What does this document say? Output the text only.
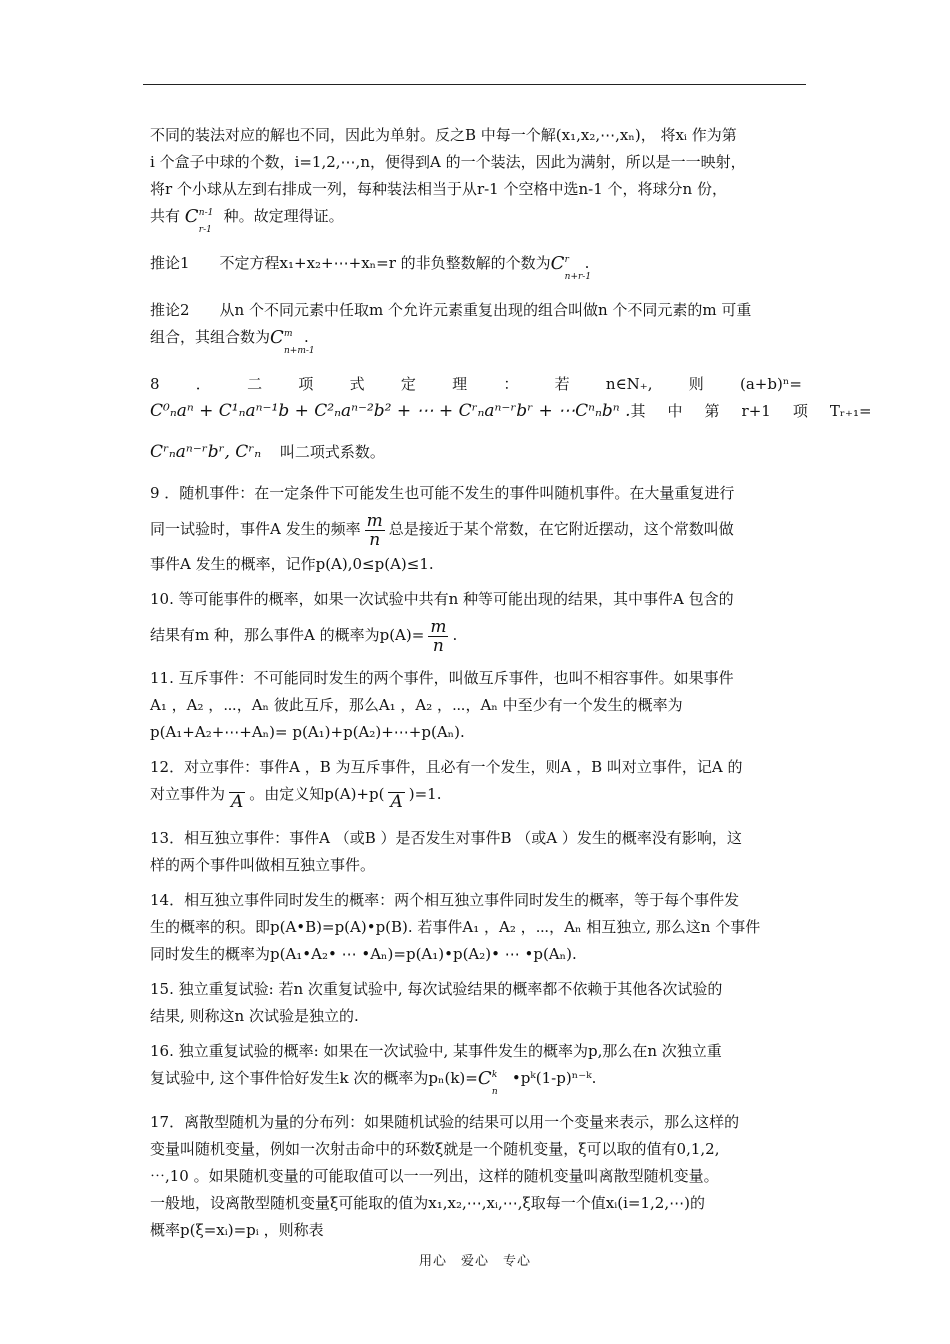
不同的装法对应的解也不同，因此为单射。反之B 中每一个解(x₁,x₂,⋯,xₙ)， 将xᵢ 作为第
i 个盒子中球的个数，i=1,2,⋯,n，便得到A 的一个装法，因此为满射，所以是一一映射，
将r 个小球从左到右排成一列，每种装法相当于从r-1 个空格中选n-1 个，将球分n 份，
共有 C n-1
r-1
种。故定理得证。
推论1　　不定方程x₁+x₂+⋯+xₙ=r 的非负整数解的个数为 C r
n+r-1
.
推论2　　从n 个不同元素中任取m 个允许元素重复出现的组合叫做n 个不同元素的m 可重
组合，其组合数为 C m
n+m-1
.
8 ． 二 项 式 定 理 ： 若 n∈N₊, 则 (a+b)ⁿ=
C⁰ₙaⁿ + C¹ₙaⁿ⁻¹b + C²ₙaⁿ⁻²b² + ⋯ + Cʳₙaⁿ⁻ʳbʳ + ⋯Cⁿₙbⁿ . 其 中 第 r+1 项 Tᵣ₊₁=
Cʳₙaⁿ⁻ʳbʳ, Cʳₙ 叫二项式系数。
9 ．随机事件：在一定条件下可能发生也可能不发生的事件叫随机事件。在大量重复进行
同一试验时，事件A 发生的频率 $\frac{m}{n}$ 总是接近于某个常数，在它附近摆动，这个常数叫做
事件A 发生的概率，记作p(A),0≤p(A)≤1.
10. 等可能事件的概率，如果一次试验中共有n 种等可能出现的结果，其中事件A 包含的
结果有m 种，那么事件A 的概率为$p(A)= \frac{m}{n}$ .
11. 互斥事件：不可能同时发生的两个事件，叫做互斥事件，也叫不相容事件。如果事件
A₁ ，A₂ ，⋯，Aₙ 彼此互斥，那么A₁ ，A₂ ，⋯，Aₙ 中至少有一个发生的概率为
p(A₁+A₂+⋯+Aₙ)= p(A₁)+p(A₂)+⋯+p(Aₙ).
12．对立事件：事件A ，B 为互斥事件，且必有一个发生，则A ，B 叫对立事件，记A 的
对立事件为 A 。由定义知p(A)+p( A )=1.
13．相互独立事件：事件A （或B ）是否发生对事件B （或A ）发生的概率没有影响，这
样的两个事件叫做相互独立事件。
14．相互独立事件同时发生的概率：两个相互独立事件同时发生的概率，等于每个事件发
生的概率的积。即p(A•B)=p(A)•p(B). 若事件A₁ ，A₂ ，⋯，Aₙ 相互独立, 那么这n 个事件
同时发生的概率为p(A₁•A₂• ⋯ •Aₙ)=p(A₁)•p(A₂)• ⋯ •p(Aₙ).
15. 独立重复试验: 若n 次重复试验中, 每次试验结果的概率都不依赖于其他各次试验的
结果, 则称这n 次试验是独立的.
16. 独立重复试验的概率: 如果在一次试验中, 某事件发生的概率为p,那么在n 次独立重
复试验中, 这个事件恰好发生k 次的概率为pₙ(k)= C k
n
•pᵏ(1-p)ⁿ⁻ᵏ.
17．离散型随机为量的分布列：如果随机试验的结果可以用一个变量来表示，那么这样的
变量叫随机变量，例如一次射击命中的环数ξ就是一个随机变量，ξ可以取的值有0,1,2,
⋯,10 。如果随机变量的可能取值可以一一列出，这样的随机变量叫离散型随机变量。
一般地，设离散型随机变量ξ可能取的值为x₁,x₂,⋯,xᵢ,⋯,ξ取每一个值xᵢ(i=1,2,⋯)的
概率p(ξ=xᵢ)=pᵢ ，则称表
用心　爱心　专心
